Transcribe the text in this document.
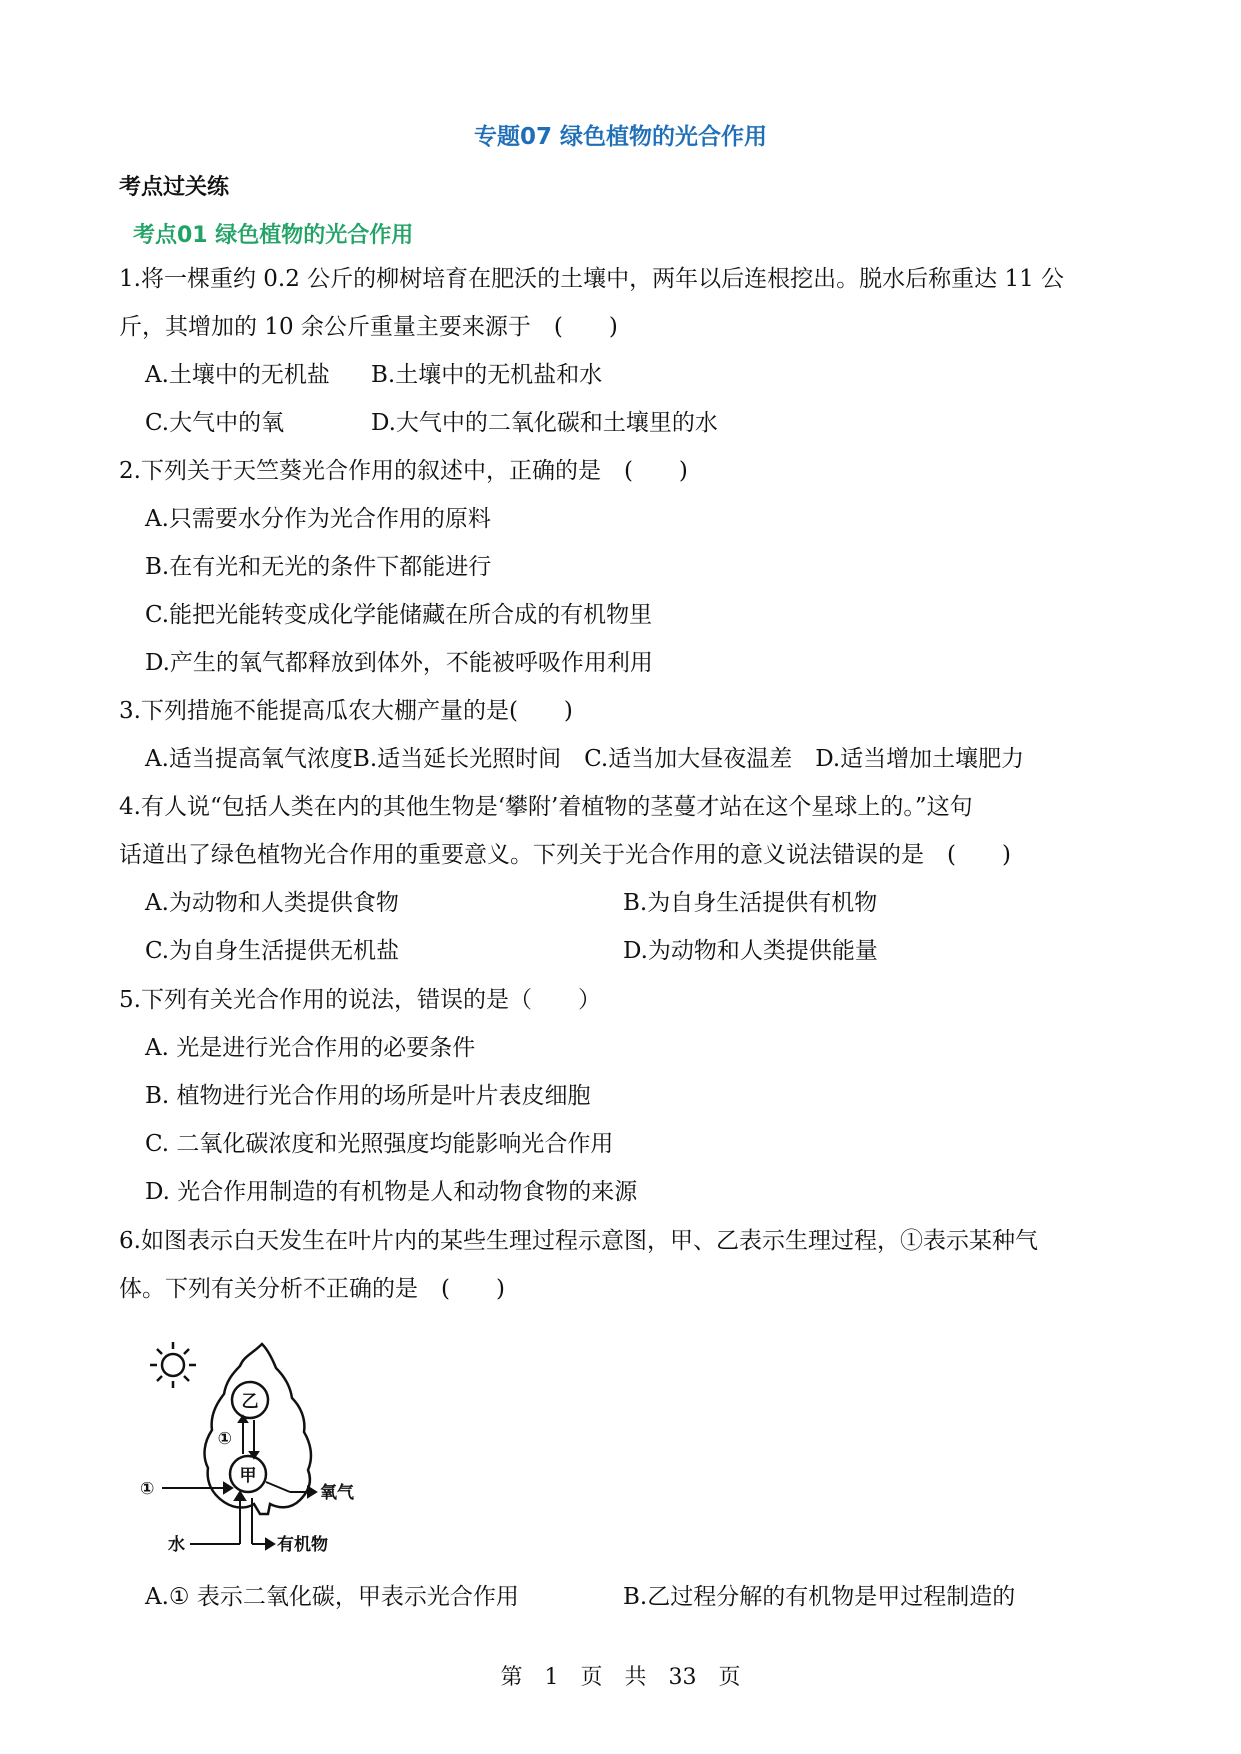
专题07 绿色植物的光合作用
考点过关练
考点01 绿色植物的光合作用
1.将一棵重约 0.2 公斤的柳树培育在肥沃的土壤中，两年以后连根挖出。脱水后称重达 11 公
斤，其增加的 10 余公斤重量主要来源于　(　　)
A.土壤中的无机盐 B.土壤中的无机盐和水
C.大气中的氧	D.大气中的二氧化碳和土壤里的水
2.下列关于天竺葵光合作用的叙述中，正确的是　(　　)
A.只需要水分作为光合作用的原料
B.在有光和无光的条件下都能进行
C.能把光能转变成化学能储藏在所合成的有机物里
D.产生的氧气都释放到体外，不能被呼吸作用利用
3.下列措施不能提高瓜农大棚产量的是(　　)
A.适当提高氧气浓度B.适当延长光照时间　C.适当加大昼夜温差　D.适当增加土壤肥力
4.有人说“包括人类在内的其他生物是‘攀附’着植物的茎蔓才站在这个星球上的。”这句
话道出了绿色植物光合作用的重要意义。下列关于光合作用的意义说法错误的是　(　　)
A.为动物和人类提供食物	B.为自身生活提供有机物
C.为自身生活提供无机盐	D.为动物和人类提供能量
5.下列有关光合作用的说法，错误的是（　　）
A. 光是进行光合作用的必要条件
B. 植物进行光合作用的场所是叶片表皮细胞
C. 二氧化碳浓度和光照强度均能影响光合作用
D. 光合作用制造的有机物是人和动物食物的来源
6.如图表示白天发生在叶片内的某些生理过程示意图，甲、乙表示生理过程，①表示某种气
体。下列有关分析不正确的是　(　　)
乙
甲
①
①	氧气
水	有机物
A.① 表示二氧化碳，甲表示光合作用	B.乙过程分解的有机物是甲过程制造的
第　1　页　共　33　页
